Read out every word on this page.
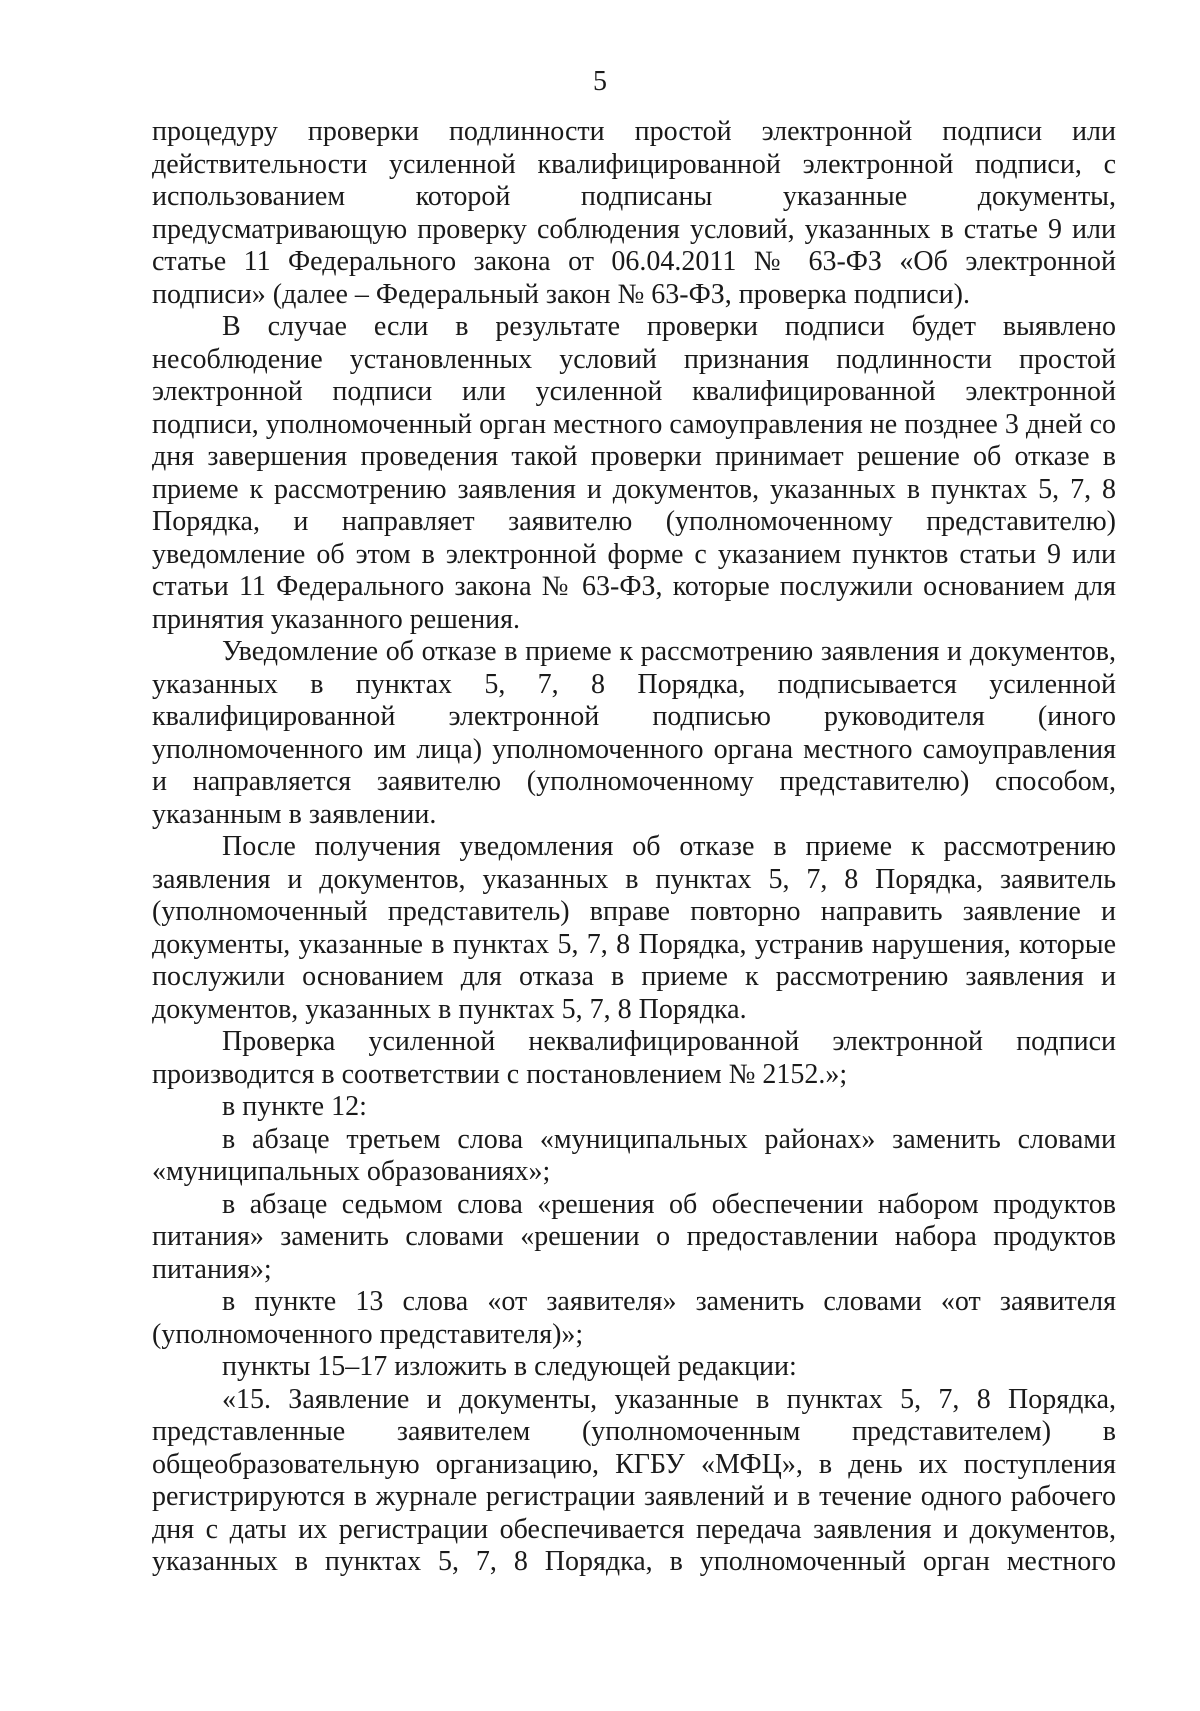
5

процедуру проверки подлинности простой электронной подписи или действительности усиленной квалифицированной электронной подписи, с использованием которой подписаны указанные документы, предусматривающую проверку соблюдения условий, указанных в статье 9 или статье 11 Федерального закона от 06.04.2011 № 63-ФЗ «Об электронной подписи» (далее – Федеральный закон № 63-ФЗ, проверка подписи).

В случае если в результате проверки подписи будет выявлено несоблюдение установленных условий признания подлинности простой электронной подписи или усиленной квалифицированной электронной подписи, уполномоченный орган местного самоуправления не позднее 3 дней со дня завершения проведения такой проверки принимает решение об отказе в приеме к рассмотрению заявления и документов, указанных в пунктах 5, 7, 8 Порядка, и направляет заявителю (уполномоченному представителю) уведомление об этом в электронной форме с указанием пунктов статьи 9 или статьи 11 Федерального закона № 63-ФЗ, которые послужили основанием для принятия указанного решения.

Уведомление об отказе в приеме к рассмотрению заявления и документов, указанных в пунктах 5, 7, 8 Порядка, подписывается усиленной квалифицированной электронной подписью руководителя (иного уполномоченного им лица) уполномоченного органа местного самоуправления и направляется заявителю (уполномоченному представителю) способом, указанным в заявлении.

После получения уведомления об отказе в приеме к рассмотрению заявления и документов, указанных в пунктах 5, 7, 8 Порядка, заявитель (уполномоченный представитель) вправе повторно направить заявление и документы, указанные в пунктах 5, 7, 8 Порядка, устранив нарушения, которые послужили основанием для отказа в приеме к рассмотрению заявления и документов, указанных в пунктах 5, 7, 8 Порядка.

Проверка усиленной неквалифицированной электронной подписи производится в соответствии с постановлением № 2152.»;

в пункте 12:

в абзаце третьем слова «муниципальных районах» заменить словами «муниципальных образованиях»;

в абзаце седьмом слова «решения об обеспечении набором продуктов питания» заменить словами «решении о предоставлении набора продуктов питания»;

в пункте 13 слова «от заявителя» заменить словами «от заявителя (уполномоченного представителя)»;

пункты 15–17 изложить в следующей редакции:

«15. Заявление и документы, указанные в пунктах 5, 7, 8 Порядка, представленные заявителем (уполномоченным представителем) в общеобразовательную организацию, КГБУ «МФЦ», в день их поступления регистрируются в журнале регистрации заявлений и в течение одного рабочего дня с даты их регистрации обеспечивается передача заявления и документов, указанных в пунктах 5, 7, 8 Порядка, в уполномоченный орган местного
